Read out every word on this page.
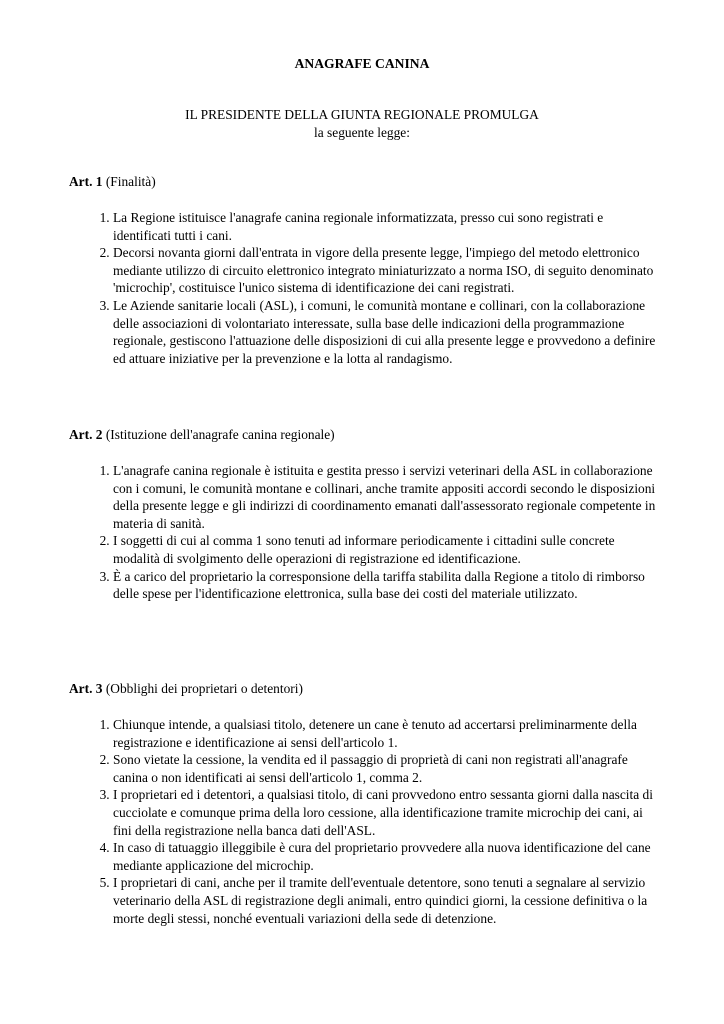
ANAGRAFE CANINA
IL PRESIDENTE DELLA GIUNTA REGIONALE PROMULGA
la seguente legge:
Art. 1 (Finalità)
1. La Regione istituisce l'anagrafe canina regionale informatizzata, presso cui sono registrati e identificati tutti i cani.
2. Decorsi novanta giorni dall'entrata in vigore della presente legge, l'impiego del metodo elettronico mediante utilizzo di circuito elettronico integrato miniaturizzato a norma ISO, di seguito denominato 'microchip', costituisce l'unico sistema di identificazione dei cani registrati.
3. Le Aziende sanitarie locali (ASL), i comuni, le comunità montane e collinari, con la collaborazione delle associazioni di volontariato interessate, sulla base delle indicazioni della programmazione regionale, gestiscono l'attuazione delle disposizioni di cui alla presente legge e provvedono a definire ed attuare iniziative per la prevenzione e la lotta al randagismo.
Art. 2 (Istituzione dell'anagrafe canina regionale)
1. L'anagrafe canina regionale è istituita e gestita presso i servizi veterinari della ASL in collaborazione con i comuni, le comunità montane e collinari, anche tramite appositi accordi secondo le disposizioni della presente legge e gli indirizzi di coordinamento emanati dall'assessorato regionale competente in materia di sanità.
2. I soggetti di cui al comma 1 sono tenuti ad informare periodicamente i cittadini sulle concrete modalità di svolgimento delle operazioni di registrazione ed identificazione.
3. È a carico del proprietario la corresponsione della tariffa stabilita dalla Regione a titolo di rimborso delle spese per l'identificazione elettronica, sulla base dei costi del materiale utilizzato.
Art. 3 (Obblighi dei proprietari o detentori)
1. Chiunque intende, a qualsiasi titolo, detenere un cane è tenuto ad accertarsi preliminarmente della registrazione e identificazione ai sensi dell'articolo 1.
2. Sono vietate la cessione, la vendita ed il passaggio di proprietà di cani non registrati all'anagrafe canina o non identificati ai sensi dell'articolo 1, comma 2.
3. I proprietari ed i detentori, a qualsiasi titolo, di cani provvedono entro sessanta giorni dalla nascita di cucciolate e comunque prima della loro cessione, alla identificazione tramite microchip dei cani, ai fini della registrazione nella banca dati dell'ASL.
4. In caso di tatuaggio illeggibile è cura del proprietario provvedere alla nuova identificazione del cane mediante applicazione del microchip.
5. I proprietari di cani, anche per il tramite dell'eventuale detentore, sono tenuti a segnalare al servizio veterinario della ASL di registrazione degli animali, entro quindici giorni, la cessione definitiva o la morte degli stessi, nonché eventuali variazioni della sede di detenzione.
